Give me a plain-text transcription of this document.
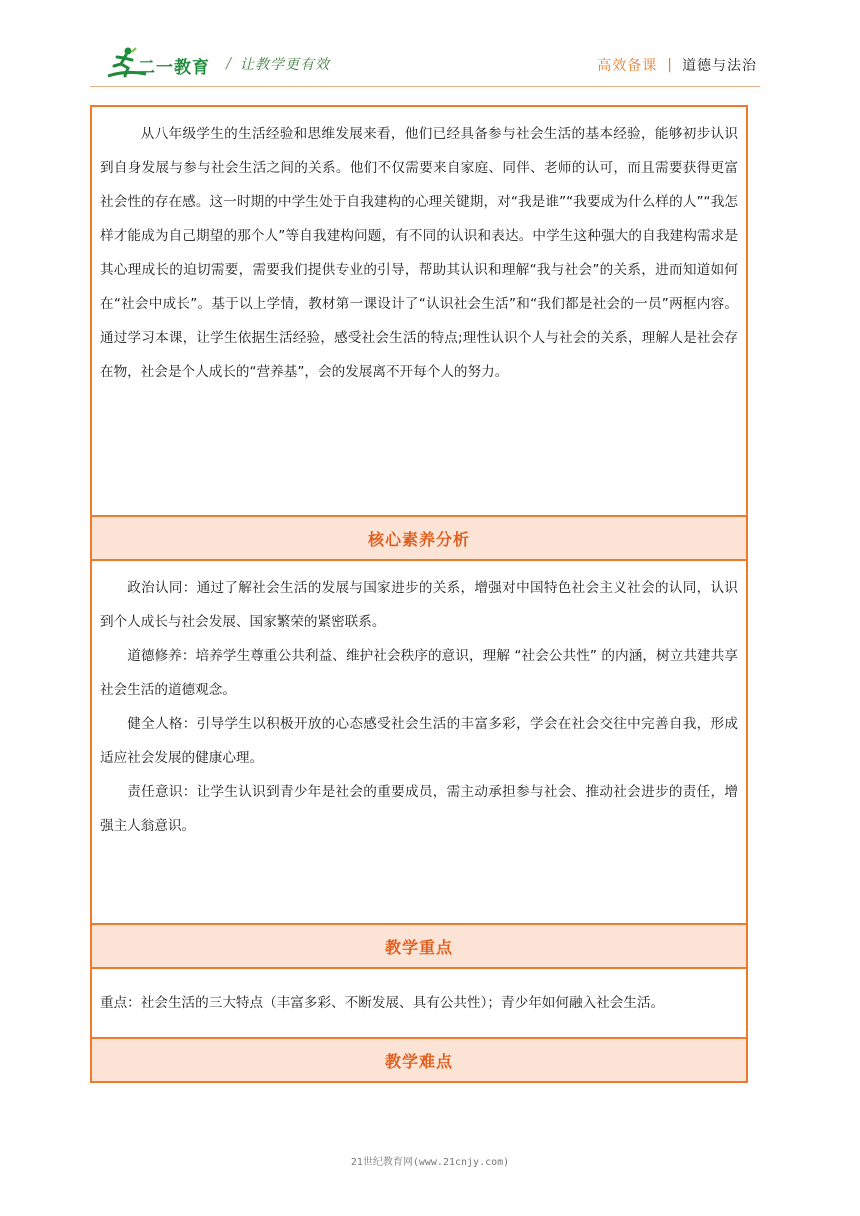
二一教育 / 让教学更有效	高效备课 | 道德与法治

从八年级学生的生活经验和思维发展来看，他们已经具备参与社会生活的基本经验，能够初步认识到自身发展与参与社会生活之间的关系。他们不仅需要来自家庭、同伴、老师的认可，而且需要获得更富社会性的存在感。这一时期的中学生处于自我建构的心理关键期，对“我是谁”“我要成为什么样的人”“我怎样才能成为自己期望的那个人”等自我建构问题，有不同的认识和表达。中学生这种强大的自我建构需求是其心理成长的迫切需要，需要我们提供专业的引导，帮助其认识和理解“我与社会”的关系，进而知道如何在“社会中成长”。基于以上学情，教材第一课设计了“认识社会生活”和“我们都是社会的一员”两框内容。通过学习本课，让学生依据生活经验，感受社会生活的特点;理性认识个人与社会的关系，理解人是社会存在物，社会是个人成长的“营养基”，会的发展离不开每个人的努力。

核心素养分析

政治认同：通过了解社会生活的发展与国家进步的关系，增强对中国特色社会主义社会的认同，认识到个人成长与社会发展、国家繁荣的紧密联系。

道德修养：培养学生尊重公共利益、维护社会秩序的意识，理解 “社会公共性” 的内涵，树立共建共享社会生活的道德观念。

健全人格：引导学生以积极开放的心态感受社会生活的丰富多彩，学会在社会交往中完善自我，形成适应社会发展的健康心理。

责任意识：让学生认识到青少年是社会的重要成员，需主动承担参与社会、推动社会进步的责任，增强主人翁意识。

教学重点

重点：社会生活的三大特点（丰富多彩、不断发展、具有公共性）；青少年如何融入社会生活。

教学难点
21世纪教育网(www.21cnjy.com)
